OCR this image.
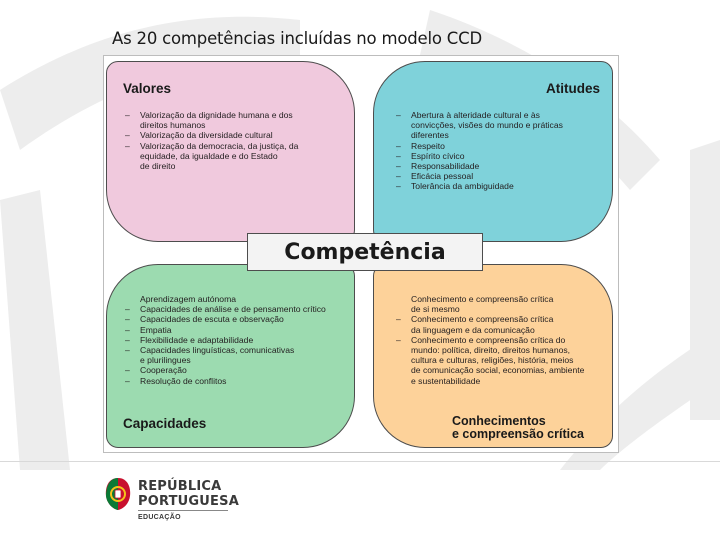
As 20 competências incluídas no modelo CCD
Valores
– Valorização da dignidade humana e dos
direitos humanos
– Valorização da diversidade cultural
– Valorização da democracia, da justiça, da
equidade, da igualdade e do Estado
de direito
Atitudes
– Abertura à alteridade cultural e às
convicções, visões do mundo e práticas
diferentes
– Respeito
– Espírito cívico
– Responsabilidade
– Eficácia pessoal
– Tolerância da ambiguidade
Aprendizagem autónoma
– Capacidades de análise e de pensamento crítico
– Capacidades de escuta e observação
– Empatia
– Flexibilidade e adaptabilidade
– Capacidades linguísticas, comunicativas
e plurilingues
– Cooperação
– Resolução de conflitos
Capacidades
Conhecimento e compreensão crítica
de si mesmo
– Conhecimento e compreensão crítica
da linguagem e da comunicação
– Conhecimento e compreensão crítica do
mundo: política, direito, direitos humanos,
cultura e culturas, religiões, história, meios
de comunicação social, economias, ambiente
e sustentabilidade
Conhecimentos
e compreensão crítica
Competência
REPÚBLICA
PORTUGUESA
EDUCAÇÃO
